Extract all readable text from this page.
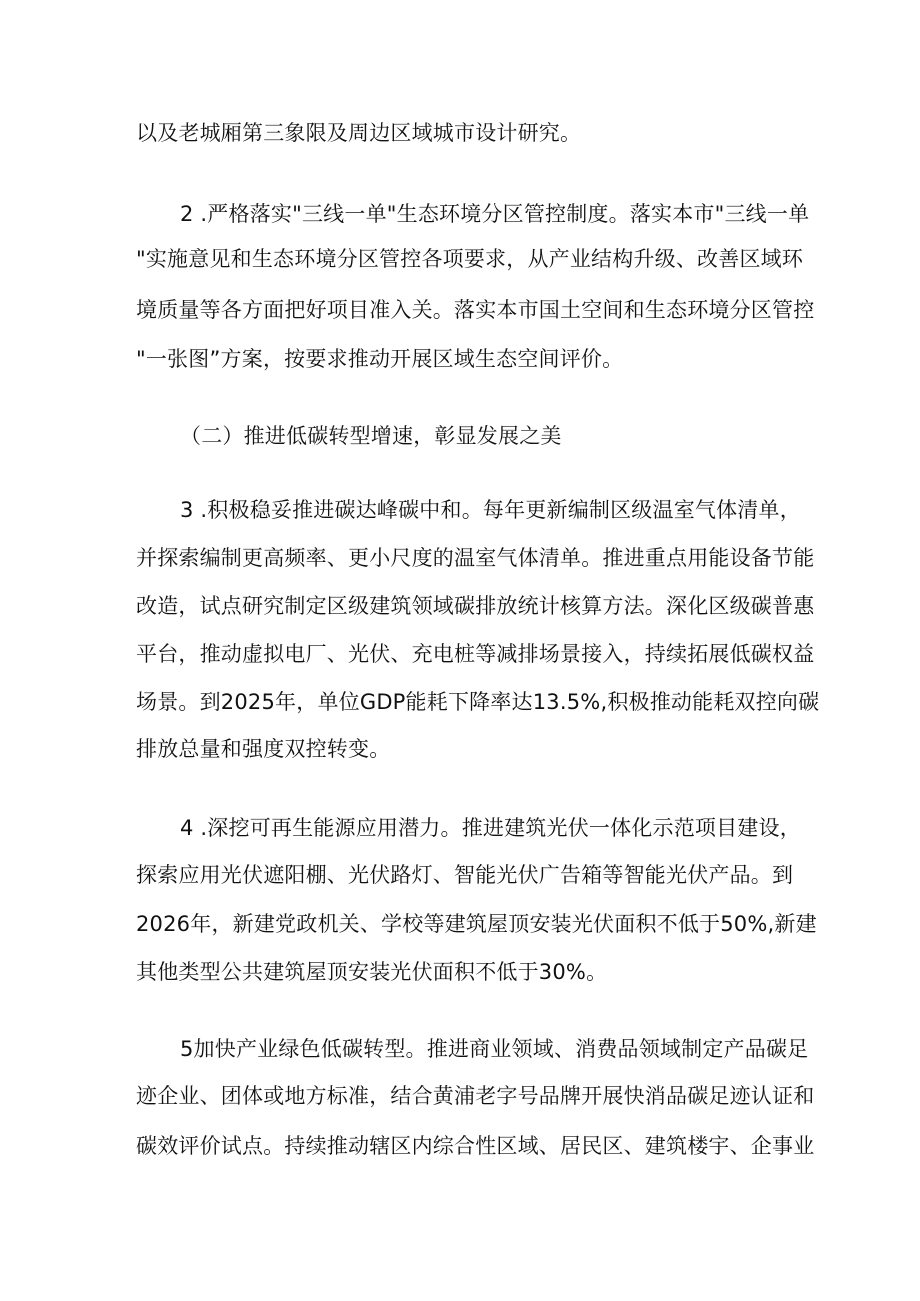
以及老城厢第三象限及周边区域城市设计研究。
2 .严格落实"三线一单"生态环境分区管控制度。落实本市"三线一单
"实施意见和生态环境分区管控各项要求，从产业结构升级、改善区域环
境质量等各方面把好项目准入关。落实本市国土空间和生态环境分区管控
"一张图”方案，按要求推动开展区域生态空间评价。
（二）推进低碳转型增速，彰显发展之美
3 .积极稳妥推进碳达峰碳中和。每年更新编制区级温室气体清单，
并探索编制更高频率、更小尺度的温室气体清单。推进重点用能设备节能
改造，试点研究制定区级建筑领域碳排放统计核算方法。深化区级碳普惠
平台，推动虚拟电厂、光伏、充电桩等减排场景接入，持续拓展低碳权益
场景。到2025年，单位GDP能耗下降率达13.5%,积极推动能耗双控向碳
排放总量和强度双控转变。
4 .深挖可再生能源应用潜力。推进建筑光伏一体化示范项目建设，
探索应用光伏遮阳棚、光伏路灯、智能光伏广告箱等智能光伏产品。到
2026年，新建党政机关、学校等建筑屋顶安装光伏面积不低于50%,新建
其他类型公共建筑屋顶安装光伏面积不低于30%。
5加快产业绿色低碳转型。推进商业领域、消费品领域制定产品碳足
迹企业、团体或地方标准，结合黄浦老字号品牌开展快消品碳足迹认证和
碳效评价试点。持续推动辖区内综合性区域、居民区、建筑楼宇、企事业
